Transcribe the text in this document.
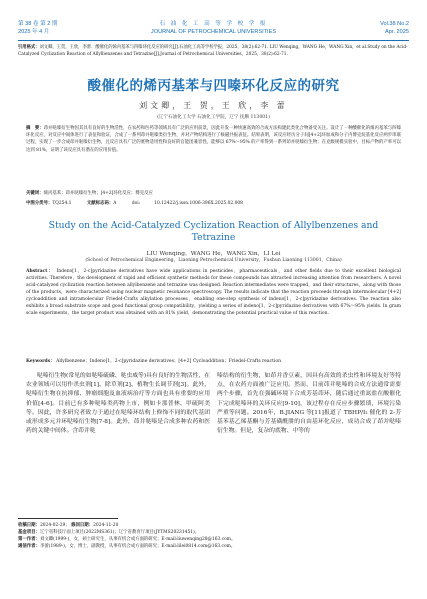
第 38 卷 第 2 期
2025 年 4 月
石 油 化 工 高 等 学 校 学 报
JOURNAL OF PETROCHEMICAL UNIVERSITIES
Vol.38 No.2
Apr. 2025
引用格式：刘文卿，王贺，王欣，李蕾．酸催化的烯丙基苯与四嗪环化反应的研究[J].石油化工高等学校学报，2025，38(2):62-71. LIU Wenqing，WANG He，WANG Xin，et al.Study on the Acid-Catalyzed Cyclization Reaction of Allylbenzenes and Tetrazine[J].Journal of Petrochemical Universities，2025，38(2):62-71.
酸催化的烯丙基苯与四嗪环化反应的研究
刘文卿，王 贺，王 欣，李 蕾
(辽宁石油化工大学 石油化工学院，辽宁 抚顺 113001)
摘　要：茚并哒嗪衍生物因其具有良好的生物活性，在农药和医药等领域具有广泛的应用前景，因此开发一种快速高效的合成方法构建此类化合物备受关注。设计了一种酸催化的烯丙基苯与四嗪环化反应，对反应中间体进行了表征和验证，合成了一系列茚并哒嗪类衍生物，并对产物结构进行了核磁共振表征。结果表明，该反应经历分子间[4+2]环加成和分子内傅克烷基化反应两步串联过程，实现了一步合成茚并哒嗪衍生物，且反应具有广泛的底物适用性和良好的官能团兼容性，能够以 67%～95% 的产率得到一系列茚并哒嗪衍生物；在克级规模实验中，目标产物的产率可以达到 81%，证明了该反应具有潜在的应用价值。
关键词：烯丙基苯；茚并哒嗪衍生物；[4+2]环化反应；傅克反应
中图分类号：TQ254.1	文献标志码：A	doi:	10.12422/j.issn.1006-396X.2025.02.008
Study on the Acid-Catalyzed Cyclization Reaction of Allylbenzenes and Tetrazine
LIU Wenqing，WANG He，WANG Xin，LI Lei
(School of Petrochemical Engineering，Liaoning Petrochemical University，Fushun Liaoning 113001，China)
Abstract： Indeno[1，2-c]pyridazine derivatives have wide applications in pesticides，pharmaceuticals，and other fields due to their excellent biological activities. Therefore，the development of rapid and efficient synthetic methods for these compounds has attracted increasing attention from researchers. A novel acid-catalyzed cyclization reaction between allylbenzene and tetrazine was designed. Reaction intermediates were trapped，and their structures，along with those of the products，were characterized using nuclear magnetic resonance spectroscopy. The results indicate that the reaction proceeds through intermolecular [4+2] cycloaddition and intramolecular Friedel-Crafts alkylation processes，enabling one-step synthesis of indeno[1，2-c]pyridazine derivatives. The reaction also exhibits a broad substrate scope and good functional group compatibility，yielding a series of indeno[1，2-c]pyridazine derivatives with 67%～95% yields. In gram scale experiments，the target product was obtained with an 81% yield，demonstrating the potential practical value of this reaction.
Keywords： Allylbenzene；Indeno[1，2-c]pyridazine derivatives；[4+2] Cycloaddition；Friedel-Crafts reaction

哒嗪衍生物(常见的如哒嗪硫磷、哒虫威等)具有良好的生物活性，在农业领域可以用作杀虫剂[1]、除草剂[2]、植物生长调节剂[3]。此外，哒嗪衍生物在抗抑郁、肿瘤细胞及血液病治疗等方面也具有重要的应用价值[4-6]。目前已有多种哒嗪类药物上市，例如卡那普林、甲硫阿美等。因此，许多研究者致力于通过在哒嗪环结构上修饰不同的取代基团或形成多元并环哒嗪衍生物[7-8]。此外，茚并哒嗪是合成多种农药和医药的关键中间体。含茚并哒

嗪结构的衍生物，如茚并香豆素，因具有高效的杀虫性和环境友好等特点，在农药方面被广泛应用。然而，目前茚并哒嗪的合成方法通常需要两个步骤，首先在强碱环境下合成芳基茚环，随后通过重氮盐在酸催化下完成哒嗪环的关环反应[9-10]，该过程存在反应步骤繁琐，环境污染严重等问题。2016年，B.JIANG 等[11]报道了 TBHP/I₂ 催化的 2-芳基苯基乙烯基酮与芳基磺酰肼的自由基环化反应，成功合成了茚并哒嗪衍生物。但是，复杂的底物、中等的

收稿日期：2024-02-29； 修回日期：2024-11-20
基金项目：辽宁省科技厅面上项目(2022MS361)；辽宁省教育厅项目(JYTMS20231451)。
第一作者：刘文卿(1999-)，女，硕士研究生，从事有机合成方面的研究；E-mail:liuwenqing28@163.com。
通信作者：李蕾(1989-)，女，博士，副教授，从事有机合成方面的研究；E-mail:lilei0814.com@163.com。
